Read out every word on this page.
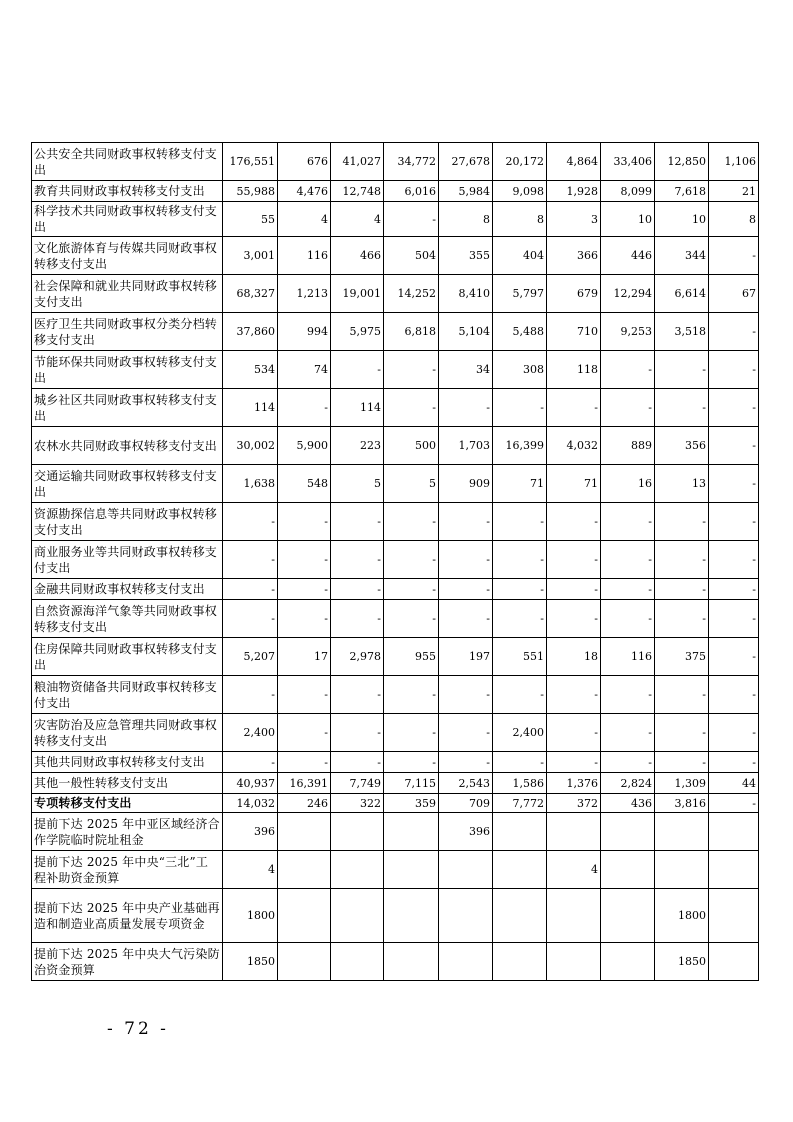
公共安全共同财政事权转移支付支出	176,551	676	41,027	34,772	27,678	20,172	4,864	33,406	12,850	1,106
教育共同财政事权转移支付支出	55,988	4,476	12,748	6,016	5,984	9,098	1,928	8,099	7,618	21
科学技术共同财政事权转移支付支出	55	4	4	-	8	8	3	10	10	8
文化旅游体育与传媒共同财政事权转移支付支出	3,001	116	466	504	355	404	366	446	344	-
社会保障和就业共同财政事权转移支付支出	68,327	1,213	19,001	14,252	8,410	5,797	679	12,294	6,614	67
医疗卫生共同财政事权分类分档转移支付支出	37,860	994	5,975	6,818	5,104	5,488	710	9,253	3,518	-
节能环保共同财政事权转移支付支出	534	74	-	-	34	308	118	-	-	-
城乡社区共同财政事权转移支付支出	114	-	114	-	-	-	-	-	-	-
农林水共同财政事权转移支付支出	30,002	5,900	223	500	1,703	16,399	4,032	889	356	-
交通运输共同财政事权转移支付支出	1,638	548	5	5	909	71	71	16	13	-
资源勘探信息等共同财政事权转移支付支出	-	-	-	-	-	-	-	-	-	-
商业服务业等共同财政事权转移支付支出	-	-	-	-	-	-	-	-	-	-
金融共同财政事权转移支付支出	-	-	-	-	-	-	-	-	-	-
自然资源海洋气象等共同财政事权转移支付支出	-	-	-	-	-	-	-	-	-	-
住房保障共同财政事权转移支付支出	5,207	17	2,978	955	197	551	18	116	375	-
粮油物资储备共同财政事权转移支付支出	-	-	-	-	-	-	-	-	-	-
灾害防治及应急管理共同财政事权转移支付支出	2,400	-	-	-	-	2,400	-	-	-	-
其他共同财政事权转移支付支出	-	-	-	-	-	-	-	-	-	-
其他一般性转移支付支出	40,937	16,391	7,749	7,115	2,543	1,586	1,376	2,824	1,309	44
专项转移支付支出	14,032	246	322	359	709	7,772	372	436	3,816	-
提前下达 2025 年中亚区域经济合作学院临时院址租金	396				396					
提前下达 2025 年中央“三北”工程补助资金预算	4						4			
提前下达 2025 年中央产业基础再造和制造业高质量发展专项资金	1800								1800	
提前下达 2025 年中央大气污染防治资金预算	1850								1850	
- 72 -
